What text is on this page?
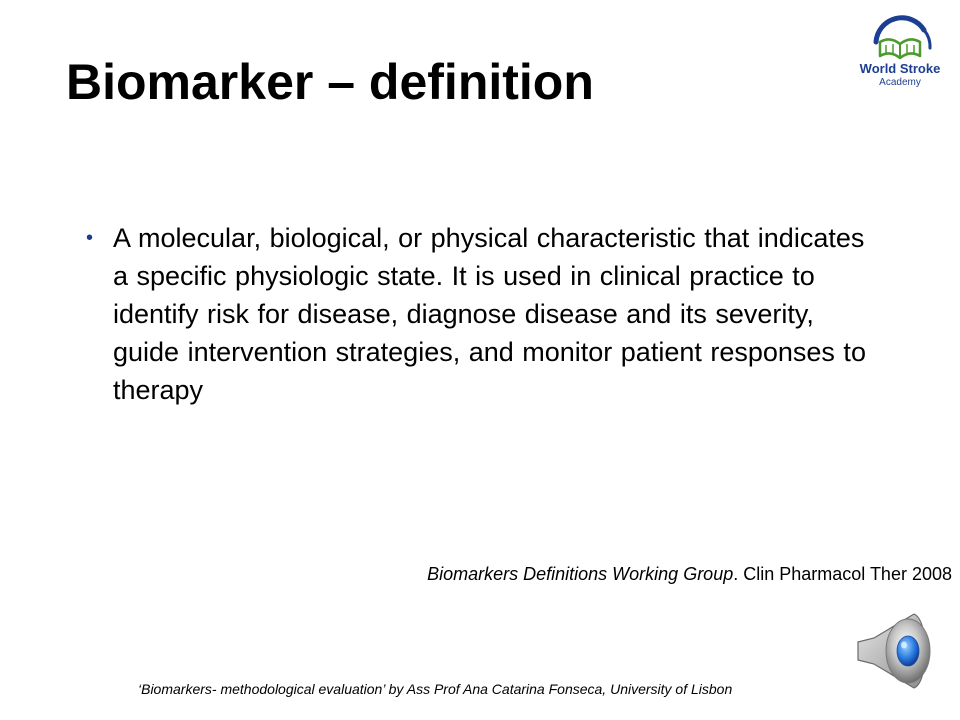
Biomarker – definition	World Stroke
Academy
• A molecular, biological, or physical characteristic that indicates a specific physiologic state. It is used in clinical practice to identify risk for disease, diagnose disease and its severity, guide intervention strategies, and monitor patient responses to therapy
Biomarkers Definitions Working Group. Clin Pharmacol Ther 2008
‘Biomarkers- methodological evaluation’ by Ass Prof Ana Catarina Fonseca, University of Lisbon
